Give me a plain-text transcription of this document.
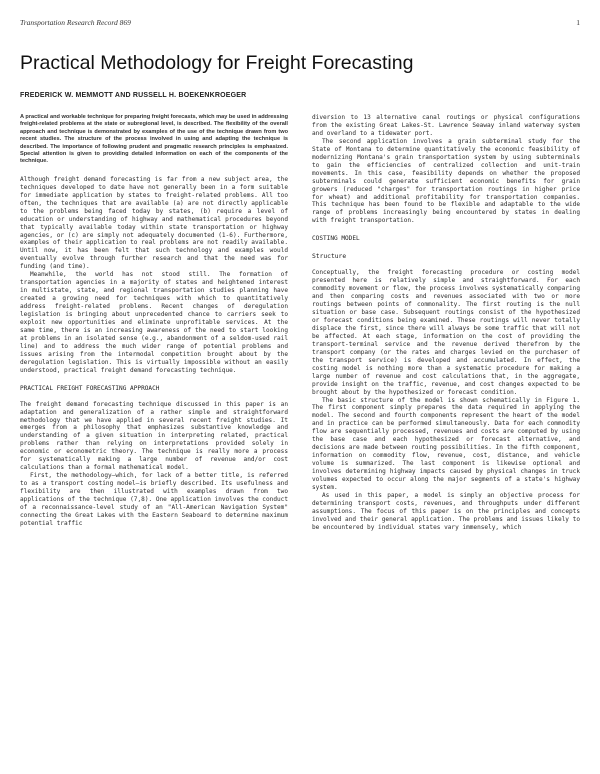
Transportation Research Record 869	1
Practical Methodology for Freight Forecasting
FREDERICK W. MEMMOTT AND RUSSELL H. BOEKENKROEGER

A practical and workable technique for preparing freight forecasts, which may be used in addressing freight-related problems at the state or subregional level, is described. The flexibility of the overall approach and technique is demonstrated by examples of the use of the technique drawn from two recent studies. The structure of the process involved in using and adapting the technique is described. The importance of following prudent and pragmatic research principles is emphasized. Special attention is given to providing detailed information on each of the components of the technique.

Although freight demand forecasting is far from a new subject area, the techniques developed to date have not generally been in a form suitable for immediate application by states to freight-related problems. All too often, the techniques that are available (a) are not directly applicable to the problems being faced today by states, (b) require a level of education or understanding of highway and mathematical procedures beyond that typically available today within state transportation or highway agencies, or (c) are simply not adequately documented (1-6). Furthermore, examples of their application to real problems are not readily available. Until now, it has been felt that such technology and examples would eventually evolve through further research and that the need was for funding (and time).

Meanwhile, the world has not stood still. The formation of transportation agencies in a majority of states and heightened interest in multistate, state, and regional transportation studies planning have created a growing need for techniques with which to quantitatively address freight-related problems. Recent changes of deregulation legislation is bringing about unprecedented chance to carriers seek to exploit new opportunities and eliminate unprofitable services. At the same time, there is an increasing awareness of the need to start looking at problems in an isolated sense (e.g., abandonment of a seldom-used rail line) and to address the much wider range of potential problems and issues arising from the intermodal competition brought about by the deregulation legislation. This is virtually impossible without an easily understood, practical freight demand forecasting technique.

PRACTICAL FREIGHT FORECASTING APPROACH

The freight demand forecasting technique discussed in this paper is an adaptation and generalization of a rather simple and straightforward methodology that we have applied in several recent freight studies. It emerges from a philosophy that emphasizes substantive knowledge and understanding of a given situation in interpreting related, practical problems rather than relying on interpretations provided solely in economic or econometric theory. The technique is really more a process for systematically making a large number of revenue and/or cost calculations than a formal mathematical model.

First, the methodology—which, for lack of a better title, is referred to as a transport costing model—is briefly described. Its usefulness and flexibility are then illustrated with examples drawn from two applications of the technique (7,8). One application involves the conduct of a reconnaissance-level study of an "All-American Navigation System" connecting the Great Lakes with the Eastern Seaboard to determine maximum potential traffic

diversion to 13 alternative canal routings or physical configurations from the existing Great Lakes-St. Lawrence Seaway inland waterway system and overland to a tidewater port.

The second application involves a grain subterminal study for the State of Montana to determine quantitatively the economic feasibility of modernizing Montana's grain transportation system by using subterminals to gain the efficiencies of centralized collection and unit-train movements. In this case, feasibility depends on whether the proposed subterminals could generate sufficient economic benefits for grain growers (reduced "charges" for transportation routings in higher price for wheat) and additional profitability for transportation companies. This technique has been found to be flexible and adaptable to the wide range of problems increasingly being encountered by states in dealing with freight transportation.

COSTING MODEL
Structure

Conceptually, the freight forecasting procedure or costing model presented here is relatively simple and straightforward. For each commodity movement or flow, the process involves systematically comparing and then comparing costs and revenues associated with two or more routings between points of commonality. The first routing is the null situation or base case. Subsequent routings consist of the hypothesized or forecast conditions being examined. These routings will never totally displace the first, since there will always be some traffic that will not be affected. At each stage, information on the cost of providing the transport-terminal service and the revenue derived therefrom by the transport company (or the rates and charges levied on the purchaser of the transport service) is developed and accumulated. In effect, the costing model is nothing more than a systematic procedure for making a large number of revenue and cost calculations that, in the aggregate, provide insight on the traffic, revenue, and cost changes expected to be brought about by the hypothesized or forecast condition.

The basic structure of the model is shown schematically in Figure 1. The first component simply prepares the data required in applying the model. The second and fourth components represent the heart of the model and in practice can be performed simultaneously. Data for each commodity flow are sequentially processed, revenues and costs are computed by using the base case and each hypothesized or forecast alternative, and decisions are made between routing possibilities. In the fifth component, information on commodity flow, revenue, cost, distance, and vehicle volume is summarized. The last component is likewise optional and involves determining highway impacts caused by physical changes in truck volumes expected to occur along the major segments of a state's highway system.

As used in this paper, a model is simply an objective process for determining transport costs, revenues, and throughputs under different assumptions. The focus of this paper is on the principles and concepts involved and their general application. The problems and issues likely to be encountered by individual states vary immensely, which
